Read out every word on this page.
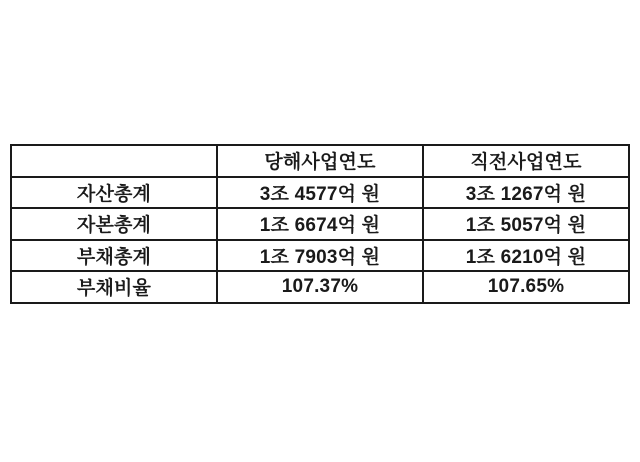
	당해사업연도	직전사업연도
자산총계	3조 4577억 원	3조 1267억 원
자본총계	1조 6674억 원	1조 5057억 원
부채총계	1조 7903억 원	1조 6210억 원
부채비율	107.37%	107.65%
